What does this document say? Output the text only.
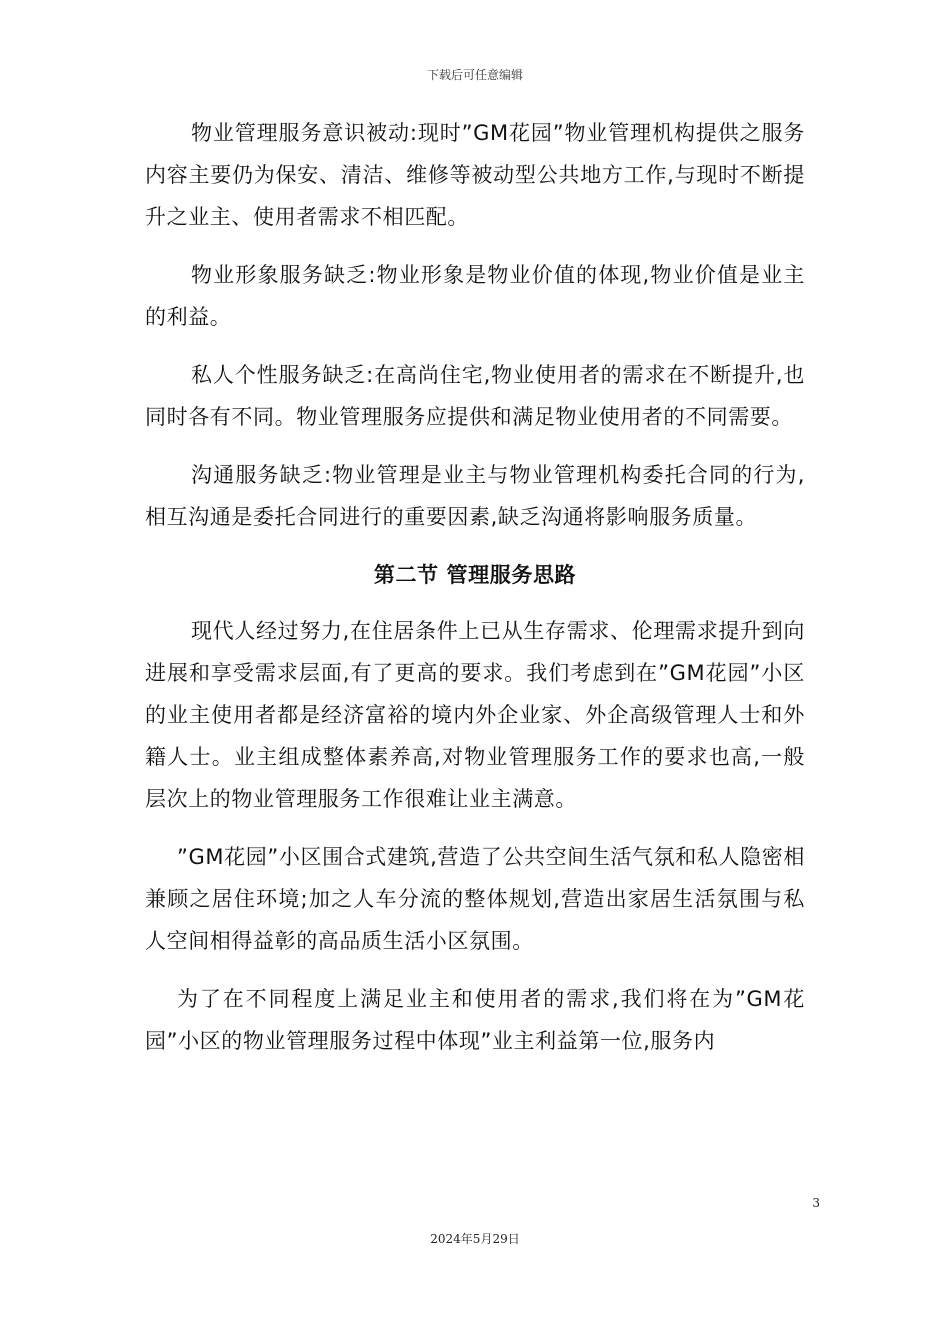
下载后可任意编辑

物业管理服务意识被动:现时”GM花园”物业管理机构提供之服务内容主要仍为保安、清洁、维修等被动型公共地方工作,与现时不断提升之业主、使用者需求不相匹配。

物业形象服务缺乏:物业形象是物业价值的体现,物业价值是业主的利益。

私人个性服务缺乏:在高尚住宅,物业使用者的需求在不断提升,也同时各有不同。物业管理服务应提供和满足物业使用者的不同需要。

沟通服务缺乏:物业管理是业主与物业管理机构委托合同的行为,相互沟通是委托合同进行的重要因素,缺乏沟通将影响服务质量。

第二节 管理服务思路

现代人经过努力,在住居条件上已从生存需求、伦理需求提升到向进展和享受需求层面,有了更高的要求。我们考虑到在”GM花园”小区的业主使用者都是经济富裕的境内外企业家、外企高级管理人士和外籍人士。业主组成整体素养高,对物业管理服务工作的要求也高,一般层次上的物业管理服务工作很难让业主满意。

”GM花园”小区围合式建筑,营造了公共空间生活气氛和私人隐密相兼顾之居住环境;加之人车分流的整体规划,营造出家居生活氛围与私人空间相得益彰的高品质生活小区氛围。

为了在不同程度上满足业主和使用者的需求,我们将在为”GM花园”小区的物业管理服务过程中体现”业主利益第一位,服务内

3
2024年5月29日
